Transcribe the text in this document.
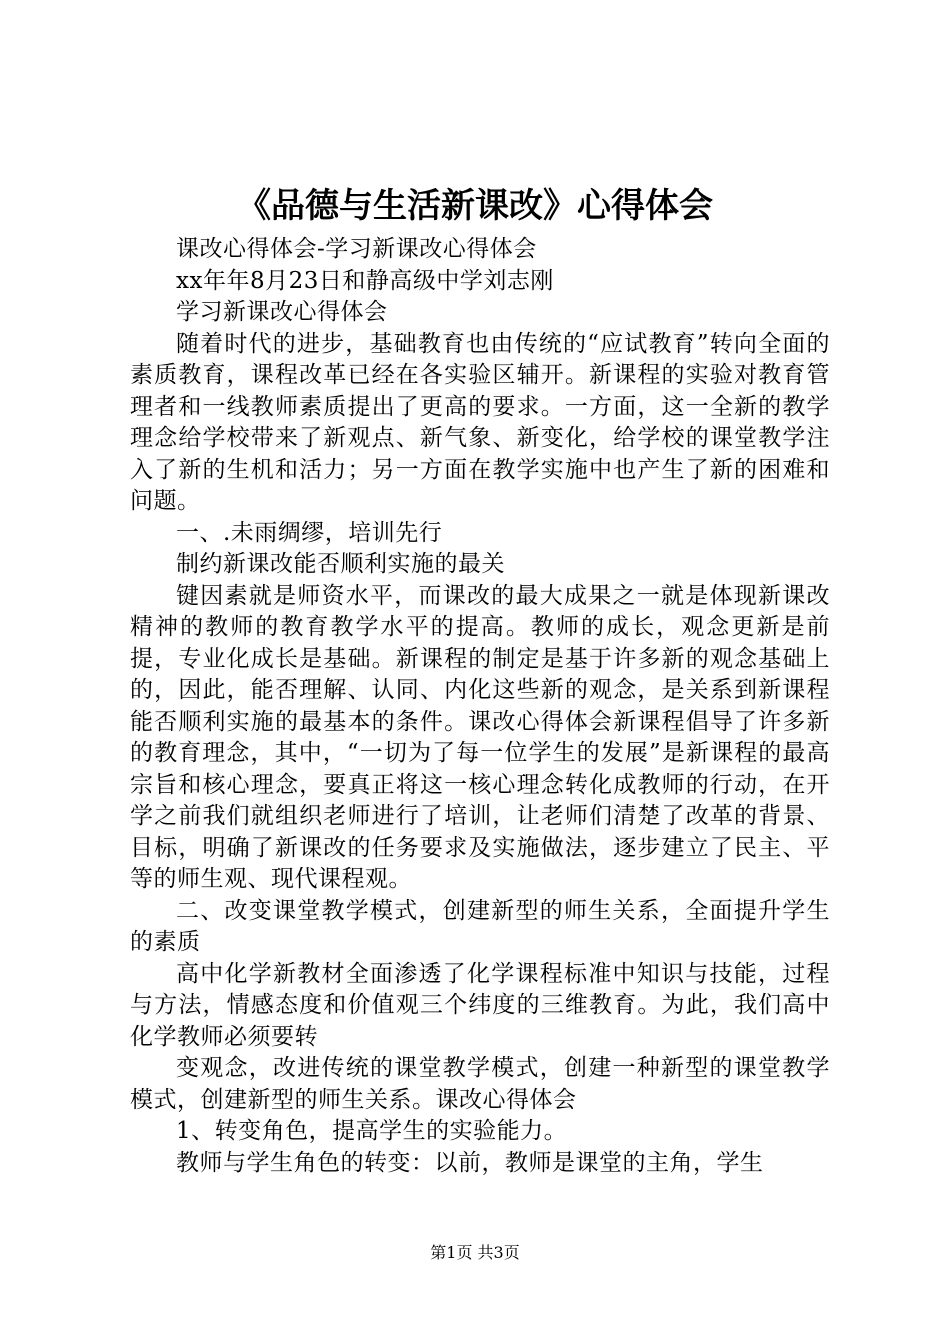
《品德与生活新课改》心得体会

课改心得体会-学习新课改心得体会

xx年年8月23日和静高级中学刘志刚

学习新课改心得体会

随着时代的进步，基础教育也由传统的“应试教育”转向全面的素质教育，课程改革已经在各实验区辅开。新课程的实验对教育管理者和一线教师素质提出了更高的要求。一方面，这一全新的教学理念给学校带来了新观点、新气象、新变化，给学校的课堂教学注入了新的生机和活力；另一方面在教学实施中也产生了新的困难和问题。

一、.未雨绸缪，培训先行

制约新课改能否顺利实施的最关

键因素就是师资水平，而课改的最大成果之一就是体现新课改精神的教师的教育教学水平的提高。教师的成长，观念更新是前提，专业化成长是基础。新课程的制定是基于许多新的观念基础上的，因此，能否理解、认同、内化这些新的观念，是关系到新课程能否顺利实施的最基本的条件。课改心得体会新课程倡导了许多新的教育理念，其中，“一切为了每一位学生的发展”是新课程的最高宗旨和核心理念，要真正将这一核心理念转化成教师的行动，在开学之前我们就组织老师进行了培训，让老师们清楚了改革的背景、目标，明确了新课改的任务要求及实施做法，逐步建立了民主、平等的师生观、现代课程观。

二、改变课堂教学模式，创建新型的师生关系，全面提升学生的素质

高中化学新教材全面渗透了化学课程标准中知识与技能，过程与方法，情感态度和价值观三个纬度的三维教育。为此，我们高中化学教师必须要转

变观念，改进传统的课堂教学模式，创建一种新型的课堂教学模式，创建新型的师生关系。课改心得体会

1、转变角色，提高学生的实验能力。

教师与学生角色的转变：以前，教师是课堂的主角，学生

第1页 共3页
